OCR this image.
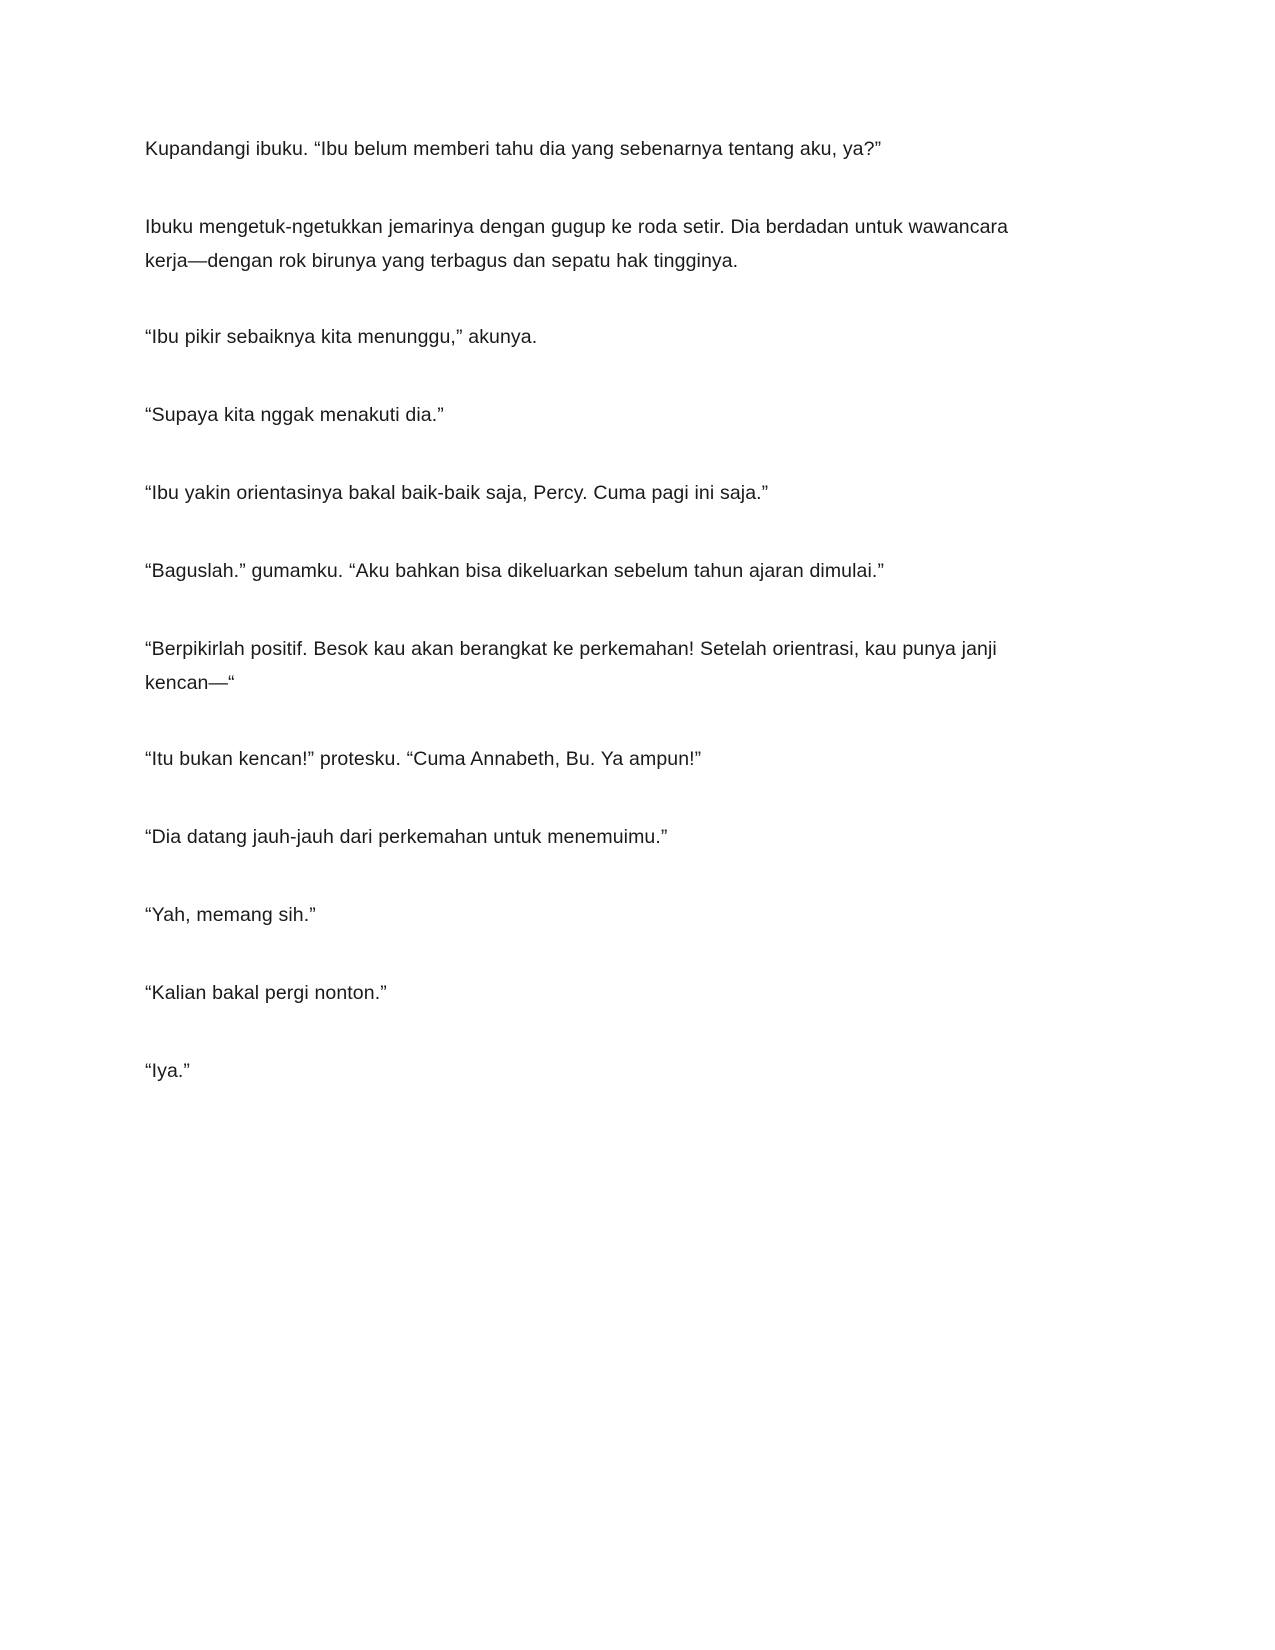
Kupandangi ibuku. “Ibu belum memberi tahu dia yang sebenarnya tentang aku, ya?”

Ibuku mengetuk-ngetukkan jemarinya dengan gugup ke roda setir. Dia berdadan untuk wawancara kerja—dengan rok birunya yang terbagus dan sepatu hak tingginya.

“Ibu pikir sebaiknya kita menunggu,” akunya.

“Supaya kita nggak menakuti dia.”

“Ibu yakin orientasinya bakal baik-baik saja, Percy. Cuma pagi ini saja.”

“Baguslah.” gumamku. “Aku bahkan bisa dikeluarkan sebelum tahun ajaran dimulai.”

“Berpikirlah positif. Besok kau akan berangkat ke perkemahan! Setelah orientrasi, kau punya janji kencan—“

“Itu bukan kencan!” protesku. “Cuma Annabeth, Bu. Ya ampun!”

“Dia datang jauh-jauh dari perkemahan untuk menemuimu.”

“Yah, memang sih.”

“Kalian bakal pergi nonton.”

“Iya.”
